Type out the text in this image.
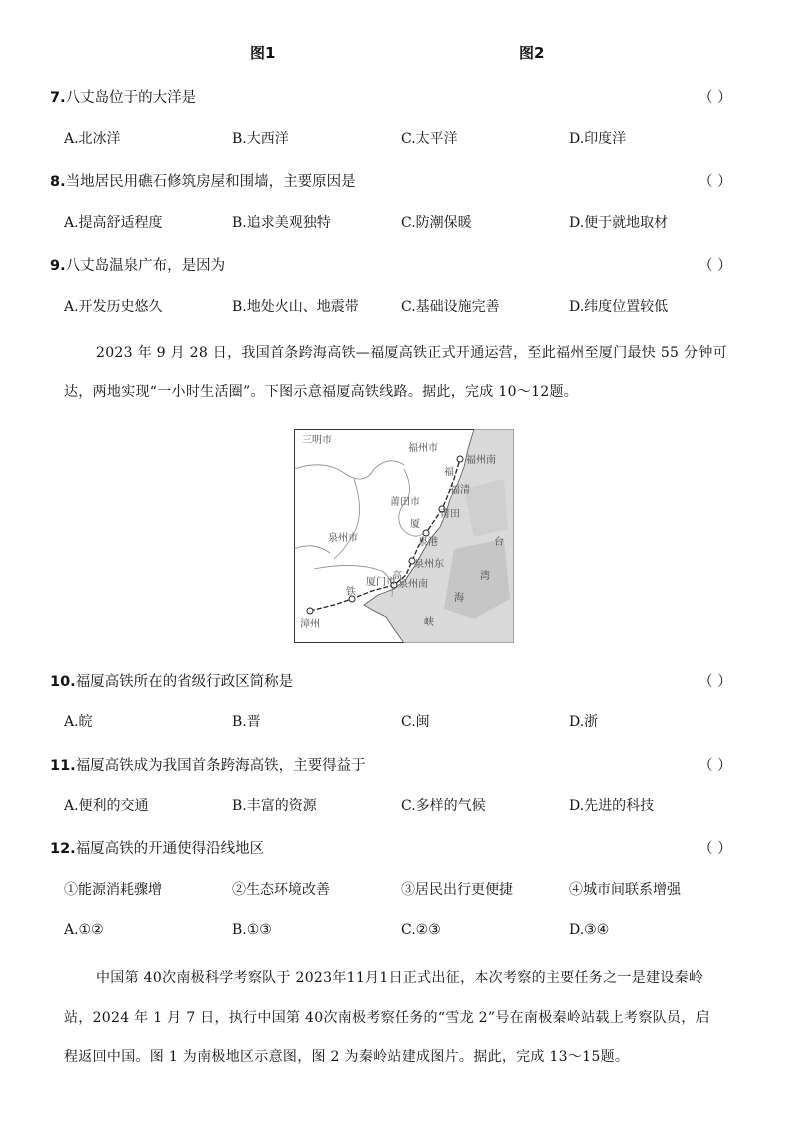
图1	图2
7.八丈岛位于的大洋是	（ ）
A.北冰洋	B.大西洋	C.太平洋	D.印度洋
8.当地居民用礁石修筑房屋和围墙，主要原因是	（ ）
A.提高舒适程度	B.追求美观独特	C.防潮保暖	D.便于就地取材
9.八丈岛温泉广布，是因为	（ ）
A.开发历史悠久	B.地处火山、地震带	C.基础设施完善	D.纬度位置较低
2023 年 9 月 28 日，我国首条跨海高铁—福厦高铁正式开通运营，至此福州至厦门最快 55 分钟可
达，两地实现“一小时生活圈”。下图示意福厦高铁线路。据此，完成 10～12题。
三明市
福州市
福州南
福
福清
莆田市
莆田
厦
泉州市	泉港
泉州东
厦门市
高
泉州南
铁
漳州
台
湾
海
峡
10.福厦高铁所在的省级行政区简称是	（ ）
A.皖	B.晋	C.闽	D.浙
11.福厦高铁成为我国首条跨海高铁，主要得益于	（ ）
A.便利的交通	B.丰富的资源	C.多样的气候	D.先进的科技
12.福厦高铁的开通使得沿线地区	（ ）
①能源消耗骤增	②生态环境改善	③居民出行更便捷	④城市间联系增强
A.①②	B.①③	C.②③	D.③④
中国第 40次南极科学考察队于 2023年11月1日正式出征，本次考察的主要任务之一是建设秦岭
站，2024 年 1 月 7 日，执行中国第 40次南极考察任务的“雪龙 2”号在南极秦岭站载上考察队员，启
程返回中国。图 1 为南极地区示意图，图 2 为秦岭站建成图片。据此，完成 13～15题。
